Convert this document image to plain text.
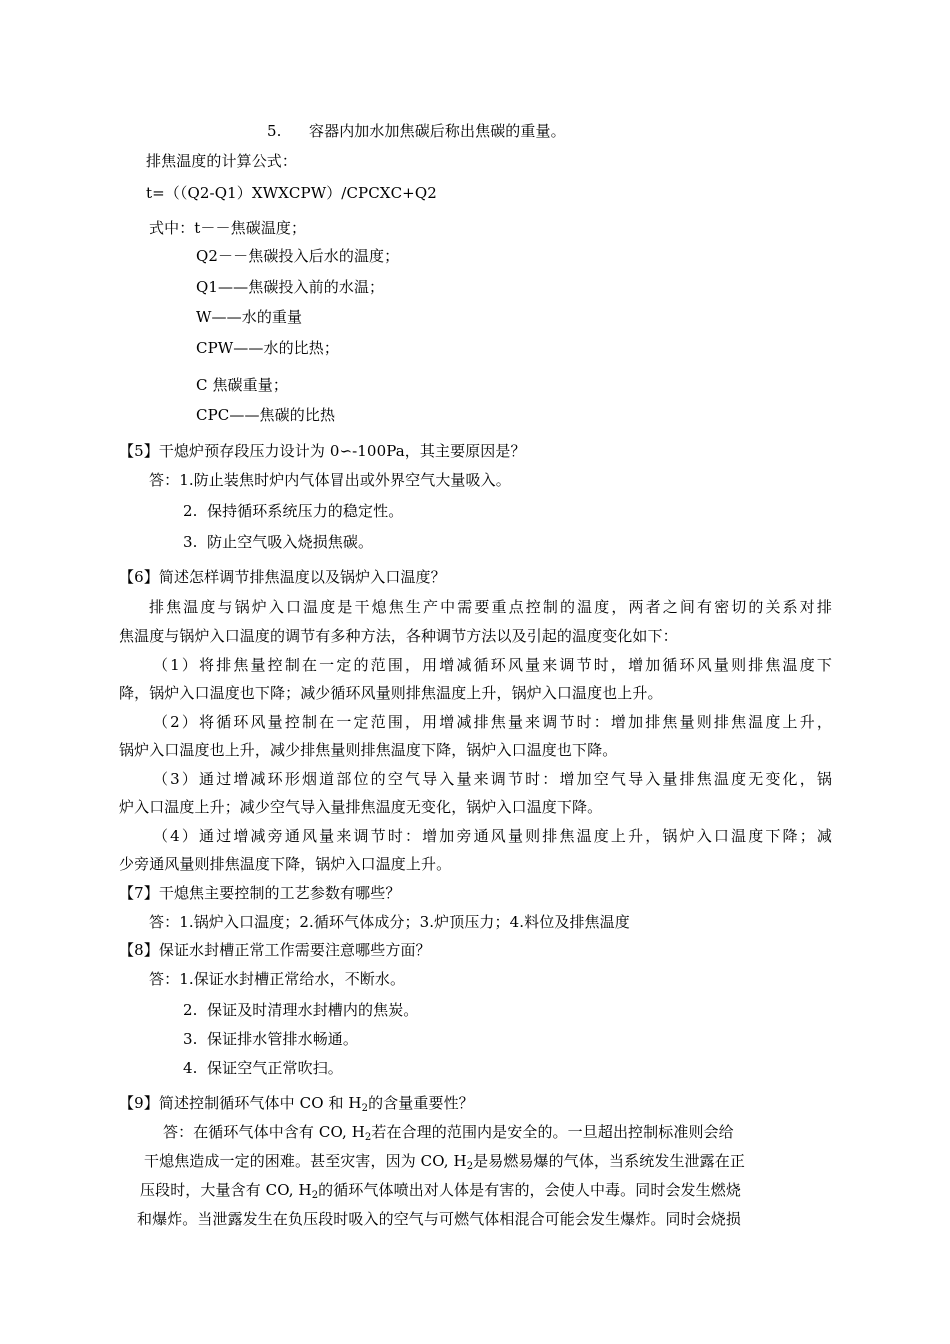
5. 容器内加水加焦碳后称出焦碳的重量。
排焦温度的计算公式：
t=（（Q2-Q1）ⅩWⅩCPW）/CPCⅩC+Q2
式中：t－－焦碳温度；
Q2－－焦碳投入后水的温度；
Q1——焦碳投入前的水温；
W——水的重量
CPW——水的比热；
C 焦碳重量；
CPC——焦碳的比热
【5】干熄炉预存段压力设计为 0∽-100Pa，其主要原因是？
答：1.防止装焦时炉内气体冒出或外界空气大量吸入。
2. 保持循环系统压力的稳定性。
3. 防止空气吸入烧损焦碳。
【6】简述怎样调节排焦温度以及锅炉入口温度？
排焦温度与锅炉入口温度是干熄焦生产中需要重点控制的温度，两者之间有密切的关系对排
焦温度与锅炉入口温度的调节有多种方法，各种调节方法以及引起的温度变化如下：
（1）将排焦量控制在一定的范围，用增减循环风量来调节时，增加循环风量则排焦温度下
降，锅炉入口温度也下降；减少循环风量则排焦温度上升，锅炉入口温度也上升。
（2）将循环风量控制在一定范围，用增减排焦量来调节时：增加排焦量则排焦温度上升，
锅炉入口温度也上升，减少排焦量则排焦温度下降，锅炉入口温度也下降。
（3）通过增减环形烟道部位的空气导入量来调节时：增加空气导入量排焦温度无变化，锅
炉入口温度上升；减少空气导入量排焦温度无变化，锅炉入口温度下降。
（4）通过增减旁通风量来调节时：增加旁通风量则排焦温度上升，锅炉入口温度下降；减
少旁通风量则排焦温度下降，锅炉入口温度上升。
【7】干熄焦主要控制的工艺参数有哪些？
答：1.锅炉入口温度；2.循环气体成分；3.炉顶压力；4.料位及排焦温度
【8】保证水封槽正常工作需要注意哪些方面？
答：1.保证水封槽正常给水，不断水。
2. 保证及时清理水封槽内的焦炭。
3. 保证排水管排水畅通。
4. 保证空气正常吹扫。
【9】简述控制循环气体中 CO 和 $H_2$的含量重要性？
答：在循环气体中含有 CO, $H_2$若在合理的范围内是安全的。一旦超出控制标准则会给
干熄焦造成一定的困难。甚至灾害，因为 CO, $H_2$是易燃易爆的气体，当系统发生泄露在正
压段时，大量含有 CO, $H_2$的循环气体喷出对人体是有害的，会使人中毒。同时会发生燃烧
和爆炸。当泄露发生在负压段时吸入的空气与可燃气体相混合可能会发生爆炸。同时会烧损
